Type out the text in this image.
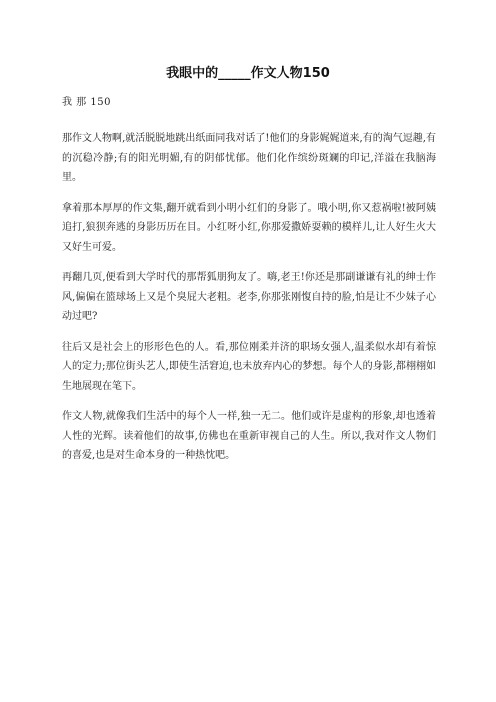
我眼中的_____作文人物150
我 那 150

那作文人物啊,就活脱脱地跳出纸面同我对话了!他们的身影娓娓道来,有的淘气逗趣,有的沉稳冷静;有的阳光明媚,有的阴郁忧郁。他们化作缤纷斑斓的印记,洋溢在我脑海里。

拿着那本厚厚的作文集,翻开就看到小明小红们的身影了。哦小明,你又惹祸啦!被阿姨追打,狼狈奔逃的身影历历在目。小红呀小红,你那爱撒娇耍赖的模样儿,让人好生火大又好生可爱。

再翻几页,便看到大学时代的那帮狐朋狗友了。嗨,老王!你还是那副谦谦有礼的绅士作风,偏偏在篮球场上又是个臭屁大老粗。老李,你那张刚愎自持的脸,怕是让不少妹子心动过吧?

往后又是社会上的形形色色的人。看,那位刚柔并济的职场女强人,温柔似水却有着惊人的定力;那位街头艺人,即使生活窘迫,也未放弃内心的梦想。每个人的身影,都栩栩如生地展现在笔下。

作文人物,就像我们生活中的每个人一样,独一无二。他们或许是虚构的形象,却也透着人性的光辉。读着他们的故事,仿佛也在重新审视自己的人生。所以,我对作文人物们的喜爱,也是对生命本身的一种热忱吧。
